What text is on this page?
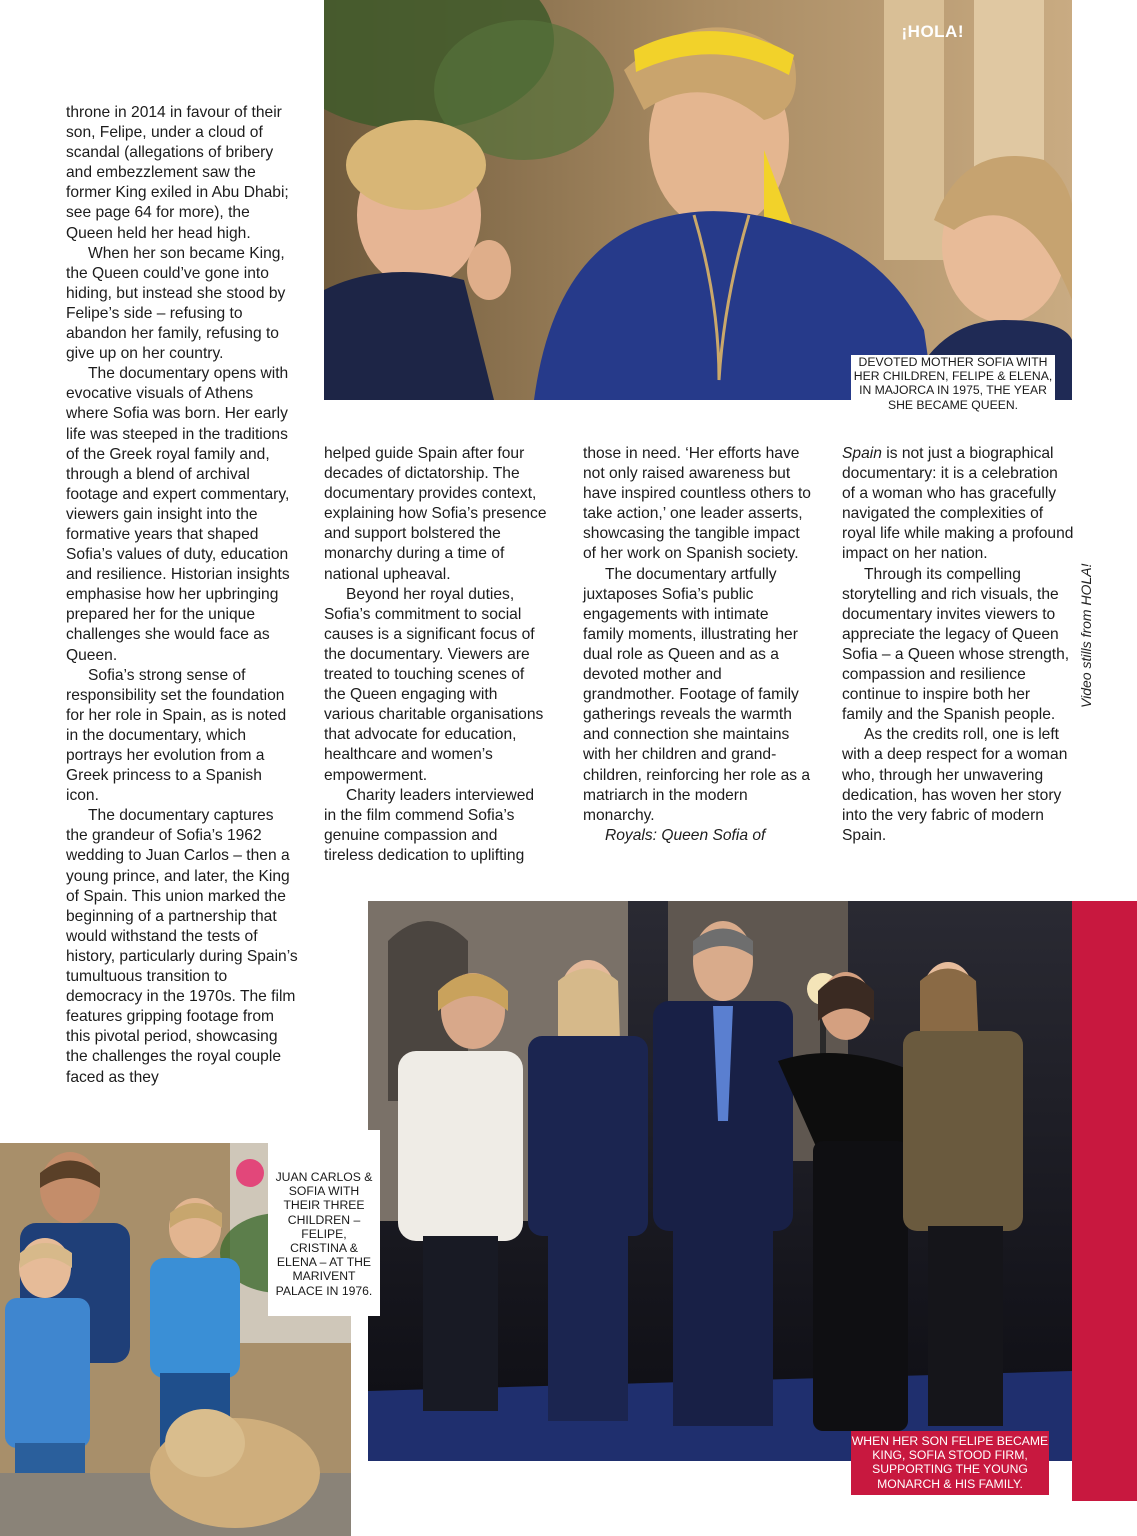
¡HOLA!
DEVOTED MOTHER SOFIA WITH HER CHILDREN, FELIPE & ELENA, IN MAJORCA IN 1975, THE YEAR SHE BECAME QUEEN.

throne in 2014 in favour of their son, Felipe, under a cloud of scandal (allegations of bribery and embezzlement saw the former King exiled in Abu Dhabi; see page 64 for more), the Queen held her head high.

When her son became King, the Queen could’ve gone into hiding, but instead she stood by Felipe’s side – refusing to abandon her family, refusing to give up on her country.

The documentary opens with evocative visuals of Athens where Sofia was born. Her early life was steeped in the traditions of the Greek royal family and, through a blend of archival footage and expert commentary, viewers gain insight into the formative years that shaped Sofia’s values of duty, education and resilience. Historian insights emphasise how her upbringing prepared her for the unique challenges she would face as Queen.

Sofia’s strong sense of responsibility set the foundation for her role in Spain, as is noted in the documentary, which portrays her evolution from a Greek princess to a Spanish icon.

The documentary captures the grandeur of Sofia’s 1962 wedding to Juan Carlos – then a young prince, and later, the King of Spain. This union marked the beginning of a partnership that would withstand the tests of history, particularly during Spain’s tumultuous transition to democracy in the 1970s. The film features gripping footage from this pivotal period, showcasing the challenges the royal couple faced as they

helped guide Spain after four decades of dictatorship. The documentary provides context, explaining how Sofia’s presence and support bolstered the monarchy during a time of national upheaval.

Beyond her royal duties, Sofia’s commitment to social causes is a significant focus of the documentary. Viewers are treated to touching scenes of the Queen engaging with various charitable organisations that advocate for education, healthcare and women’s empowerment.

Charity leaders interviewed in the film commend Sofia’s genuine compassion and tireless dedication to uplifting

those in need. ‘Her efforts have not only raised awareness but have inspired countless others to take action,’ one leader asserts, showcasing the tangible impact of her work on Spanish society.

The documentary artfully juxtaposes Sofia’s public engagements with intimate family moments, illustrating her dual role as Queen and as a devoted mother and grandmother. Footage of family gatherings reveals the warmth and connection she maintains with her children and grand-children, reinforcing her role as a matriarch in the modern monarchy.

Royals: Queen Sofia of

Spain is not just a biographical documentary: it is a celebration of a woman who has gracefully navigated the complexities of royal life while making a profound impact on her nation.

Through its compelling storytelling and rich visuals, the documentary invites viewers to appreciate the legacy of Queen Sofia – a Queen whose strength, compassion and resilience continue to inspire both her family and the Spanish people.

As the credits roll, one is left with a deep respect for a woman who, through her unwavering dedication, has woven her story into the very fabric of modern Spain.

Video stills from HOLA!
WHEN HER SON FELIPE BECAME KING, SOFIA STOOD FIRM, SUPPORTING THE YOUNG MONARCH & HIS FAMILY.
JUAN CARLOS & SOFIA WITH THEIR THREE CHILDREN – FELIPE, CRISTINA & ELENA – AT THE MARIVENT PALACE IN 1976.
